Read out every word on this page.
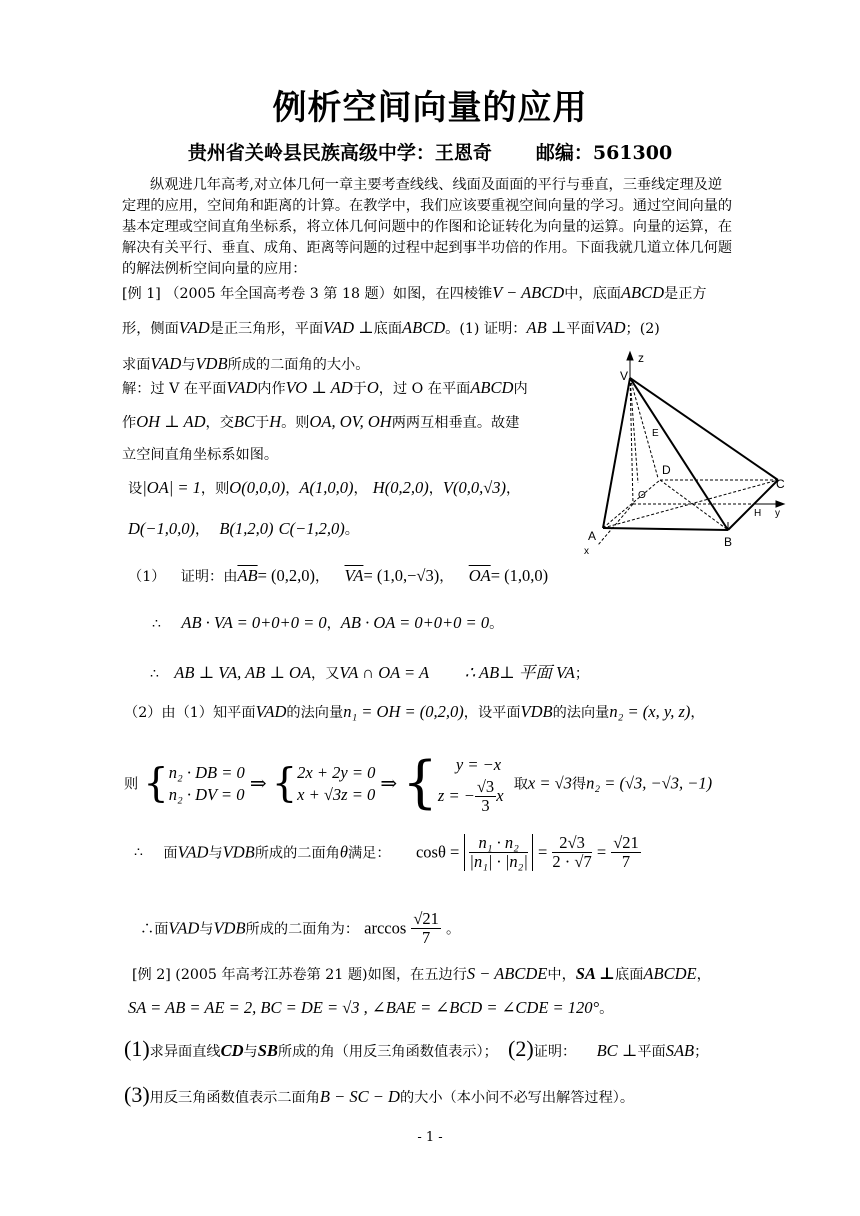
例析空间向量的应用
贵州省关岭县民族高级中学：王恩奇 邮编：561300

纵观进几年高考,对立体几何一章主要考查线线、线面及面面的平行与垂直，三垂线定理及逆定理的应用，空间角和距离的计算。在教学中，我们应该要重视空间向量的学习。通过空间向量的基本定理或空间直角坐标系，将立体几何问题中的作图和论证转化为向量的运算。向量的运算，在解决有关平行、垂直、成角、距离等问题的过程中起到事半功倍的作用。下面我就几道立体几何题的解法例析空间向量的应用：

[例 1] （2005 年全国高考卷 3 第 18 题）如图，在四棱锥V − ABCD中，底面ABCD是正方
形，侧面VAD是正三角形，平面VAD ⊥底面ABCD。(1) 证明：AB ⊥平面VAD；(2)
求面VAD与VDB所成的二面角的大小。
解：过 V 在平面VAD内作VO ⊥ AD于O，过 O 在平面ABCD内
作OH ⊥ AD，交BC于H。则OA, OV, OH两两互相垂直。故建
立空间直角坐标系如图。
设|OA| = 1，则O(0,0,0)，A(1,0,0)， H(0,2,0)，V(0,0,√3)，
D(−1,0,0)， B(1,2,0) C(−1,2,0)。
V
z
E
D
O
C
H y
A	B
x
（1） 证明：由$\overline{AB}= (0,2,0)$， $\overline{VA}= (1,0,-√3)$， $\overline{OA}= (1,0,0)$
∴ AB · VA = 0+0+0 = 0，AB · OA = 0+0+0 = 0。
∴ AB ⊥ VA, AB ⊥ OA，又VA ∩ OA = A ∴ AB⊥ 平面 VA；
（2）由（1）知平面VAD的法向量n₁ = OH = (0,2,0)，设平面VDB的法向量n₂ = (x, y, z)，
则 {n₂ · DB = 0
n₂ · DV = 0 ⇒ {2x + 2y = 0
x + √3z = 0 ⇒ { y = −x
z = − $\frac{√3}{3}$ x  取x = √3得n₂ = (√3, −√3, −1)
∴ 面VAD与VDB所成的二面角θ满足： $\cos\theta = \frac{\text{n₁ · n₂}}{\text{|n₁| · |n₂|}} = \frac{2√3}{2 \cdot √7} = \frac{√21}{7}$
∴面VAD与VDB所成的二面角为： $\arccos \frac{√21}{7}$ 。
[例 2] (2005 年高考江苏卷第 21 题)如图，在五边行S − ABCDE中，SA ⊥底面ABCDE，
SA = AB = AE = 2, BC = DE = √3 , ∠BAE = ∠BCD = ∠CDE = 120°。
(1)求异面直线CD与SB所成的角（用反三角函数值表示）； (2)证明： BC ⊥平面SAB；
(3)用反三角函数值表示二面角B − SC − D的大小（本小问不必写出解答过程）。
- 1 -
